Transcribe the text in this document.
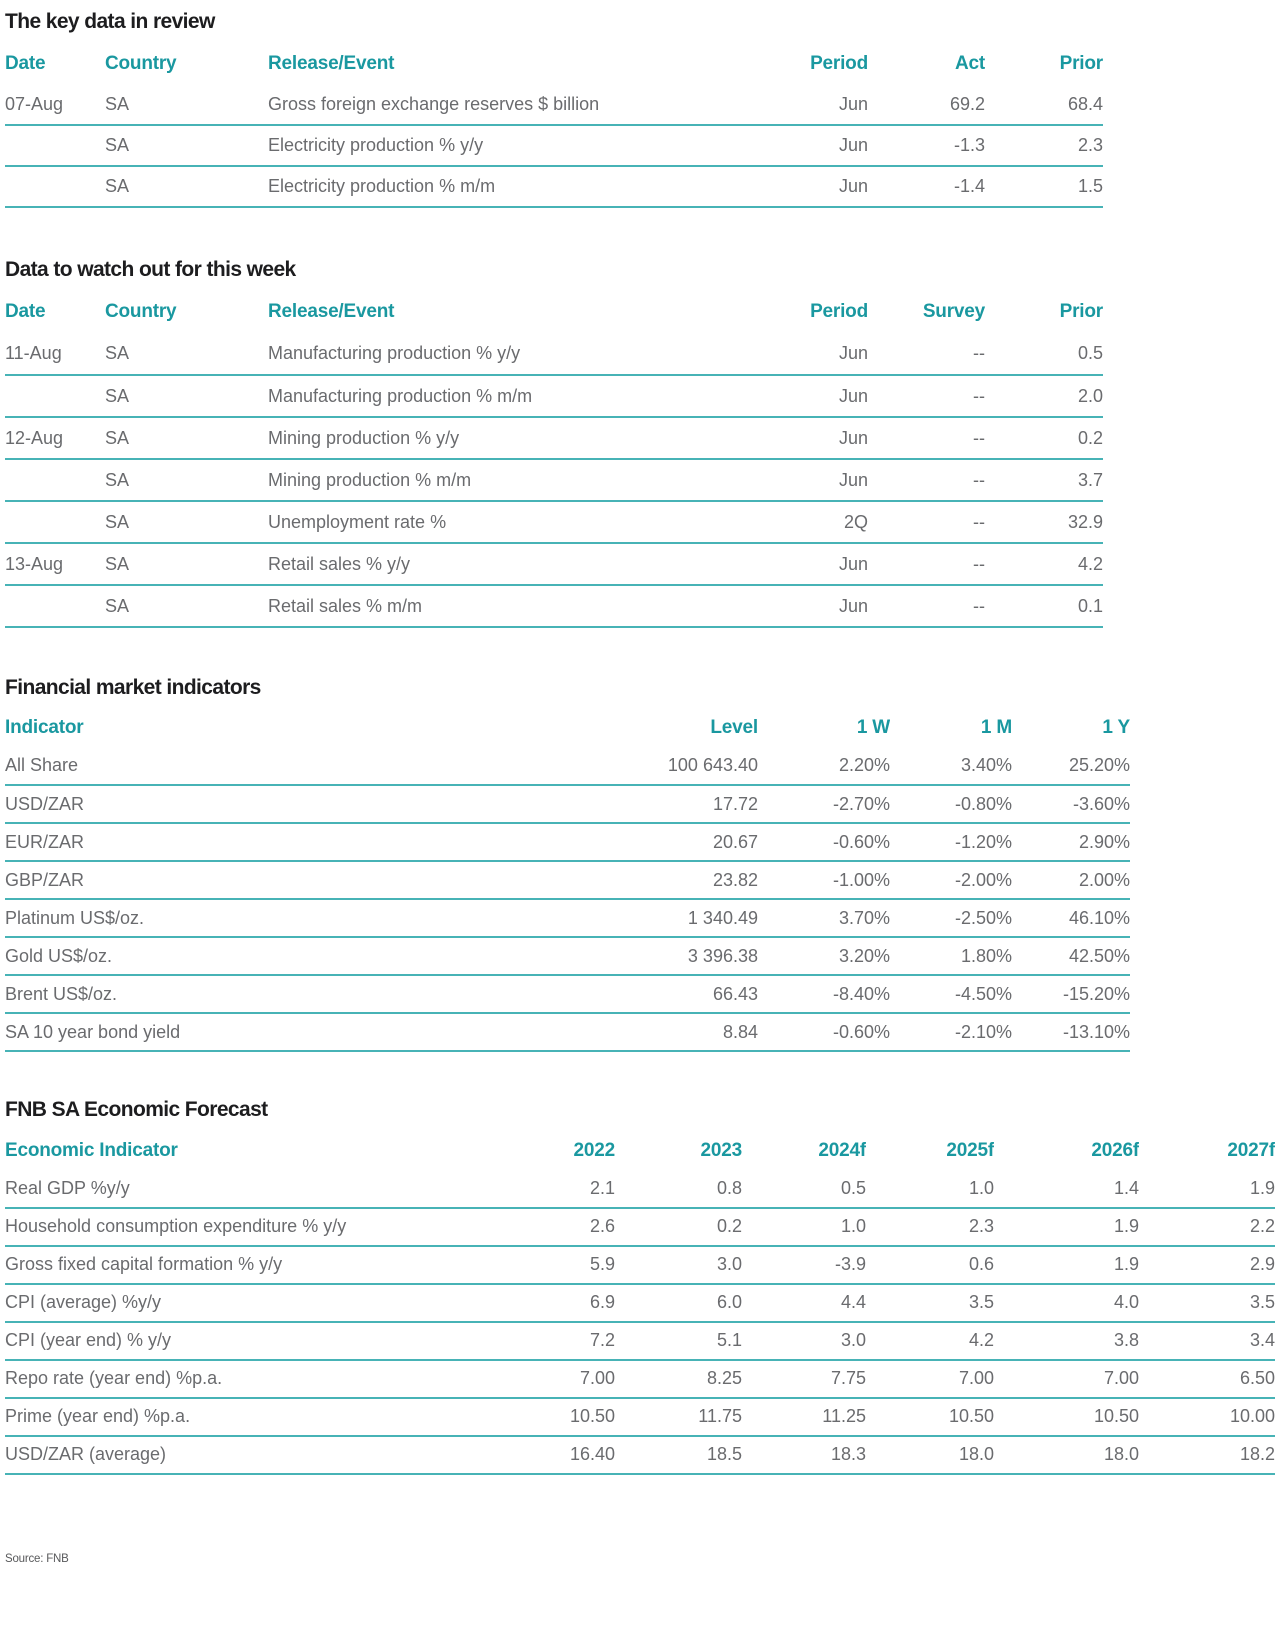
The key data in review
Date	Country	Release/Event	Period	Act	Prior
07-Aug	SA	Gross foreign exchange reserves $ billion	Jun	69.2	68.4
	SA	Electricity production % y/y	Jun	-1.3	2.3
	SA	Electricity production % m/m	Jun	-1.4	1.5
Data to watch out for this week
Date	Country	Release/Event	Period	Survey	Prior
11-Aug	SA	Manufacturing production % y/y	Jun	--	0.5
	SA	Manufacturing production % m/m	Jun	--	2.0
12-Aug	SA	Mining production % y/y	Jun	--	0.2
	SA	Mining production % m/m	Jun	--	3.7
	SA	Unemployment rate %	2Q	--	32.9
13-Aug	SA	Retail sales % y/y	Jun	--	4.2
	SA	Retail sales % m/m	Jun	--	0.1
Financial market indicators
Indicator	Level	1 W	1 M	1 Y
All Share	100 643.40	2.20%	3.40%	25.20%
USD/ZAR	17.72	-2.70%	-0.80%	-3.60%
EUR/ZAR	20.67	-0.60%	-1.20%	2.90%
GBP/ZAR	23.82	-1.00%	-2.00%	2.00%
Platinum US$/oz.	1 340.49	3.70%	-2.50%	46.10%
Gold US$/oz.	3 396.38	3.20%	1.80%	42.50%
Brent US$/oz.	66.43	-8.40%	-4.50%	-15.20%
SA 10 year bond yield	8.84	-0.60%	-2.10%	-13.10%
FNB SA Economic Forecast
Economic Indicator	2022	2023	2024f	2025f	2026f	2027f
Real GDP %y/y	2.1	0.8	0.5	1.0	1.4	1.9
Household consumption expenditure % y/y	2.6	0.2	1.0	2.3	1.9	2.2
Gross fixed capital formation % y/y	5.9	3.0	-3.9	0.6	1.9	2.9
CPI (average) %y/y	6.9	6.0	4.4	3.5	4.0	3.5
CPI (year end) % y/y	7.2	5.1	3.0	4.2	3.8	3.4
Repo rate (year end) %p.a.	7.00	8.25	7.75	7.00	7.00	6.50
Prime (year end) %p.a.	10.50	11.75	11.25	10.50	10.50	10.00
USD/ZAR (average)	16.40	18.5	18.3	18.0	18.0	18.2

Source: FNB
